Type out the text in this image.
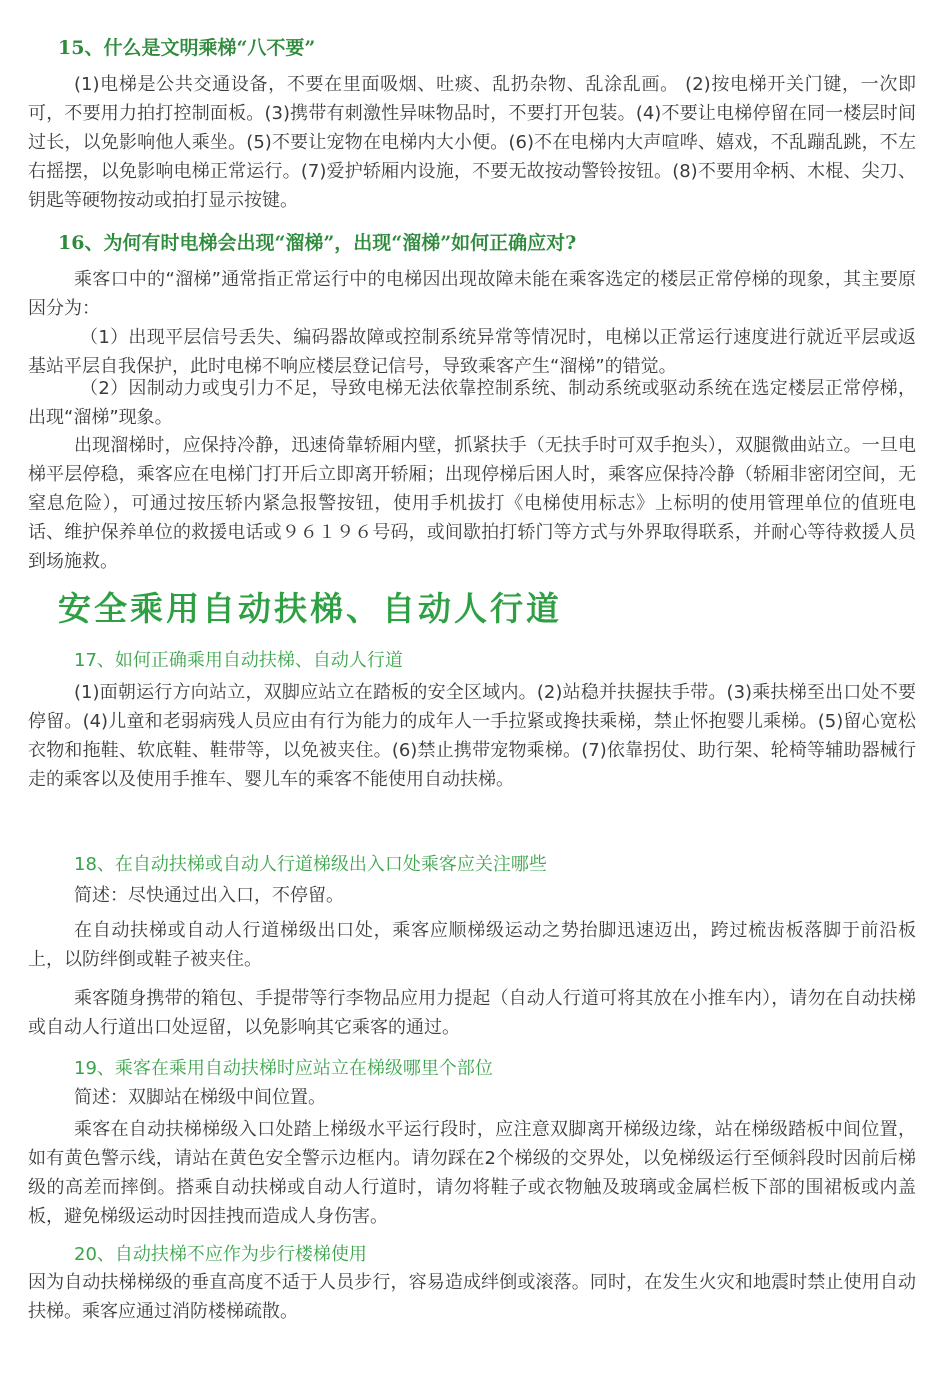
15、什么是文明乘梯“八不要”

(1)电梯是公共交通设备，不要在里面吸烟、吐痰、乱扔杂物、乱涂乱画。 (2)按电梯开关门键，一次即可，不要用力拍打控制面板。(3)携带有刺激性异味物品时，不要打开包装。(4)不要让电梯停留在同一楼层时间过长，以免影响他人乘坐。(5)不要让宠物在电梯内大小便。(6)不在电梯内大声喧哗、嬉戏，不乱蹦乱跳，不左右摇摆，以免影响电梯正常运行。(7)爱护轿厢内设施，不要无故按动警铃按钮。(8)不要用伞柄、木棍、尖刀、钥匙等硬物按动或拍打显示按键。

16、为何有时电梯会出现“溜梯”，出现“溜梯”如何正确应对?

乘客口中的“溜梯”通常指正常运行中的电梯因出现故障未能在乘客选定的楼层正常停梯的现象，其主要原因分为：

（1）出现平层信号丢失、编码器故障或控制系统异常等情况时，电梯以正常运行速度进行就近平层或返基站平层自我保护，此时电梯不响应楼层登记信号，导致乘客产生“溜梯”的错觉。

（2）因制动力或曳引力不足，导致电梯无法依靠控制系统、制动系统或驱动系统在选定楼层正常停梯，出现“溜梯”现象。

出现溜梯时，应保持冷静，迅速倚靠轿厢内壁，抓紧扶手（无扶手时可双手抱头），双腿微曲站立。一旦电梯平层停稳，乘客应在电梯门打开后立即离开轿厢；出现停梯后困人时，乘客应保持冷静（轿厢非密闭空间，无窒息危险），可通过按压轿内紧急报警按钮，使用手机拔打《电梯使用标志》上标明的使用管理单位的值班电话、维护保养单位的救援电话或９６１９６号码，或间歇拍打轿门等方式与外界取得联系，并耐心等待救援人员到场施救。

安全乘用自动扶梯、自动人行道
17、如何正确乘用自动扶梯、自动人行道

(1)面朝运行方向站立，双脚应站立在踏板的安全区域内。(2)站稳并扶握扶手带。(3)乘扶梯至出口处不要停留。(4)儿童和老弱病残人员应由有行为能力的成年人一手拉紧或搀扶乘梯，禁止怀抱婴儿乘梯。(5)留心宽松衣物和拖鞋、软底鞋、鞋带等，以免被夹住。(6)禁止携带宠物乘梯。(7)依靠拐仗、助行架、轮椅等辅助器械行走的乘客以及使用手推车、婴儿车的乘客不能使用自动扶梯。

18、在自动扶梯或自动人行道梯级出入口处乘客应关注哪些

简述：尽快通过出入口，不停留。

在自动扶梯或自动人行道梯级出口处，乘客应顺梯级运动之势抬脚迅速迈出，跨过梳齿板落脚于前沿板上，以防绊倒或鞋子被夹住。

乘客随身携带的箱包、手提带等行李物品应用力提起（自动人行道可将其放在小推车内），请勿在自动扶梯或自动人行道出口处逗留，以免影响其它乘客的通过。

19、乘客在乘用自动扶梯时应站立在梯级哪里个部位

简述：双脚站在梯级中间位置。

乘客在自动扶梯梯级入口处踏上梯级水平运行段时，应注意双脚离开梯级边缘，站在梯级踏板中间位置，如有黄色警示线，请站在黄色安全警示边框内。请勿踩在2个梯级的交界处，以免梯级运行至倾斜段时因前后梯级的高差而摔倒。搭乘自动扶梯或自动人行道时，请勿将鞋子或衣物触及玻璃或金属栏板下部的围裙板或内盖板，避免梯级运动时因挂拽而造成人身伤害。

20、自动扶梯不应作为步行楼梯使用

因为自动扶梯梯级的垂直高度不适于人员步行，容易造成绊倒或滚落。同时，在发生火灾和地震时禁止使用自动扶梯。乘客应通过消防楼梯疏散。
